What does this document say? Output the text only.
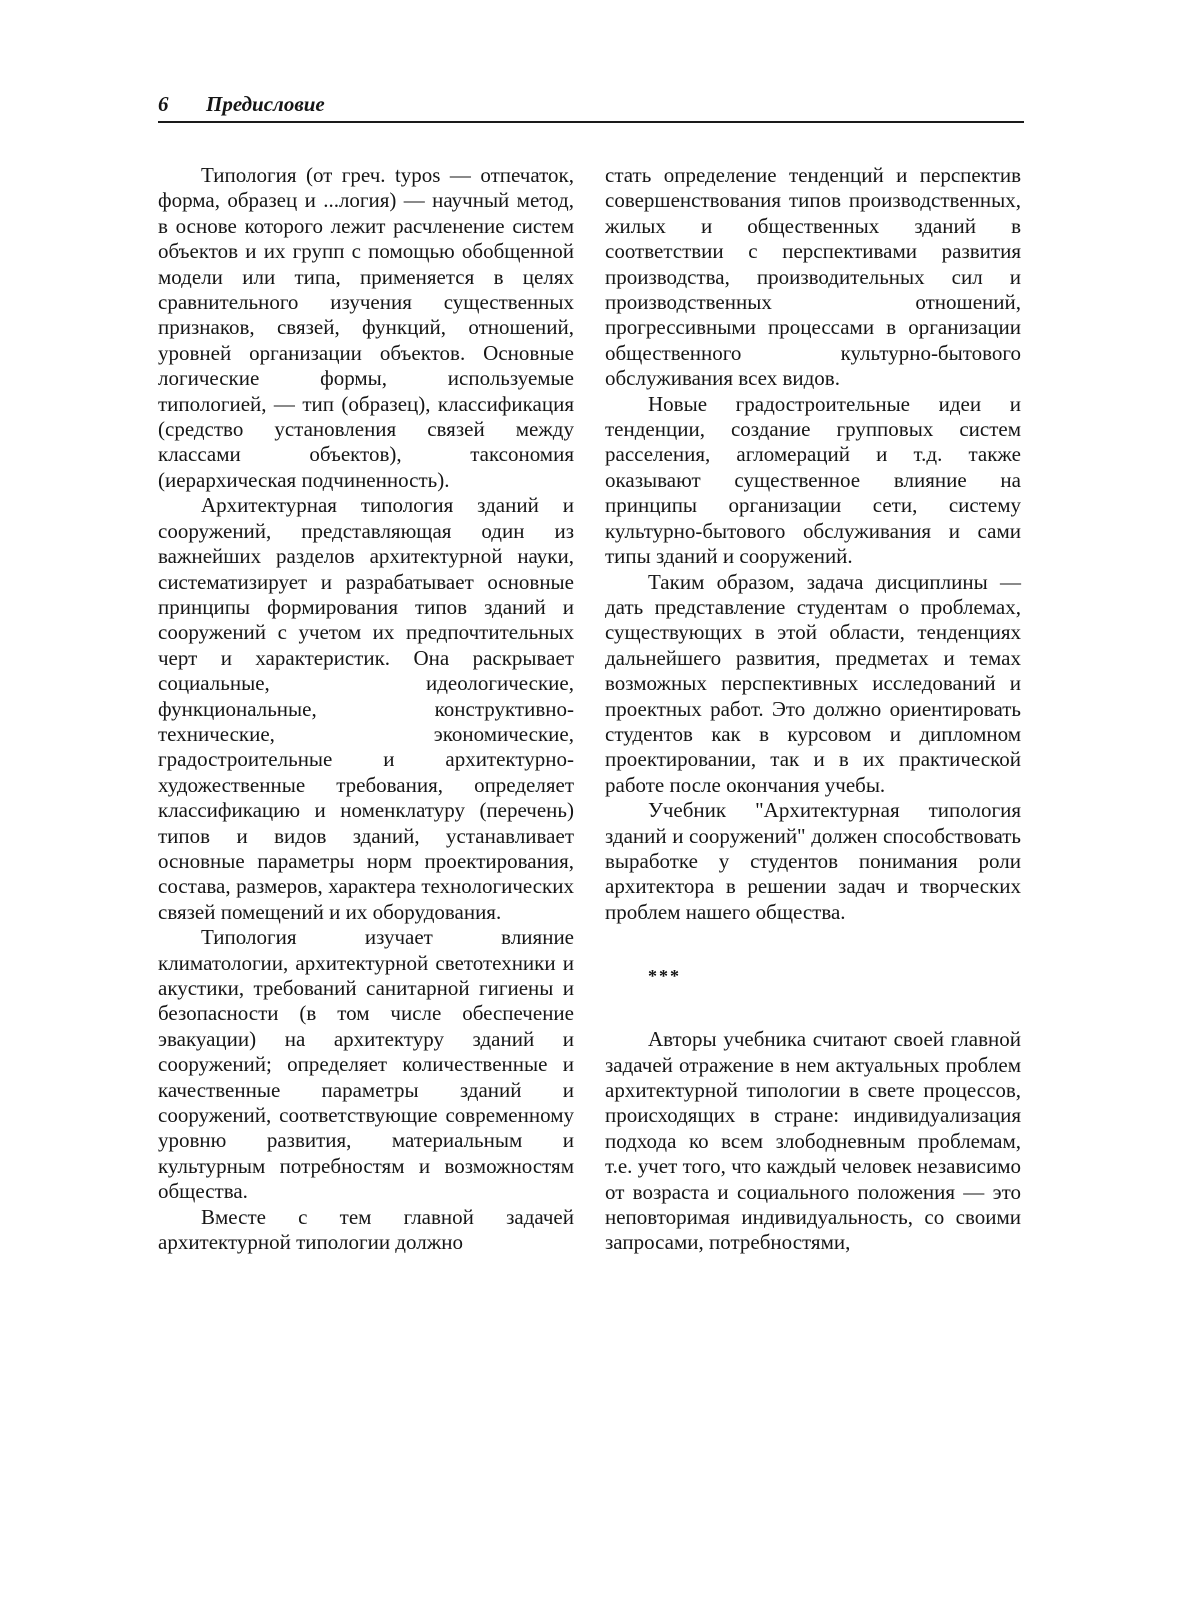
6 Предисловие

Типология (от греч. typos — отпечаток, форма, образец и ...логия) — научный метод, в основе которого лежит расчленение систем объектов и их групп с помощью обобщенной модели или типа, применяется в целях сравнительного изучения существенных признаков, связей, функций, отношений, уровней организации объектов. Основные логические формы, используемые типологией, — тип (образец), классификация (средство установления связей между классами объектов), таксономия (иерархическая подчиненность).

Архитектурная типология зданий и сооружений, представляющая один из важнейших разделов архитектурной науки, систематизирует и разрабатывает основные принципы формирования типов зданий и сооружений с учетом их предпочтительных черт и характеристик. Она раскрывает социальные, идеологические, функциональные, конструктивно-технические, экономические, градостроительные и архитектурно-художественные требования, определяет классификацию и номенклатуру (перечень) типов и видов зданий, устанавливает основные параметры норм проектирования, состава, размеров, характера технологических связей помещений и их оборудования.

Типология изучает влияние климатологии, архитектурной светотехники и акустики, требований санитарной гигиены и безопасности (в том числе обеспечение эвакуации) на архитектуру зданий и сооружений; определяет количественные и качественные параметры зданий и сооружений, соответствующие современному уровню развития, материальным и культурным потребностям и возможностям общества.

Вместе с тем главной задачей архитектурной типологии должно

стать определение тенденций и перспектив совершенствования типов производственных, жилых и общественных зданий в соответствии с перспективами развития производства, производительных сил и производственных отношений, прогрессивными процессами в организации общественного культурно-бытового обслуживания всех видов.

Новые градостроительные идеи и тенденции, создание групповых систем расселения, агломераций и т.д. также оказывают существенное влияние на принципы организации сети, систему культурно-бытового обслуживания и сами типы зданий и сооружений.

Таким образом, задача дисциплины — дать представление студентам о проблемах, существующих в этой области, тенденциях дальнейшего развития, предметах и темах возможных перспективных исследований и проектных работ. Это должно ориентировать студентов как в курсовом и дипломном проектировании, так и в их практической работе после окончания учебы.

Учебник "Архитектурная типология зданий и сооружений" должен способствовать выработке у студентов понимания роли архитектора в решении задач и творческих проблем нашего общества.

***

Авторы учебника считают своей главной задачей отражение в нем актуальных проблем архитектурной типологии в свете процессов, происходящих в стране: индивидуализация подхода ко всем злободневным проблемам, т.е. учет того, что каждый человек независимо от возраста и социального положения — это неповторимая индивидуальность, со своими запросами, потребностями,
